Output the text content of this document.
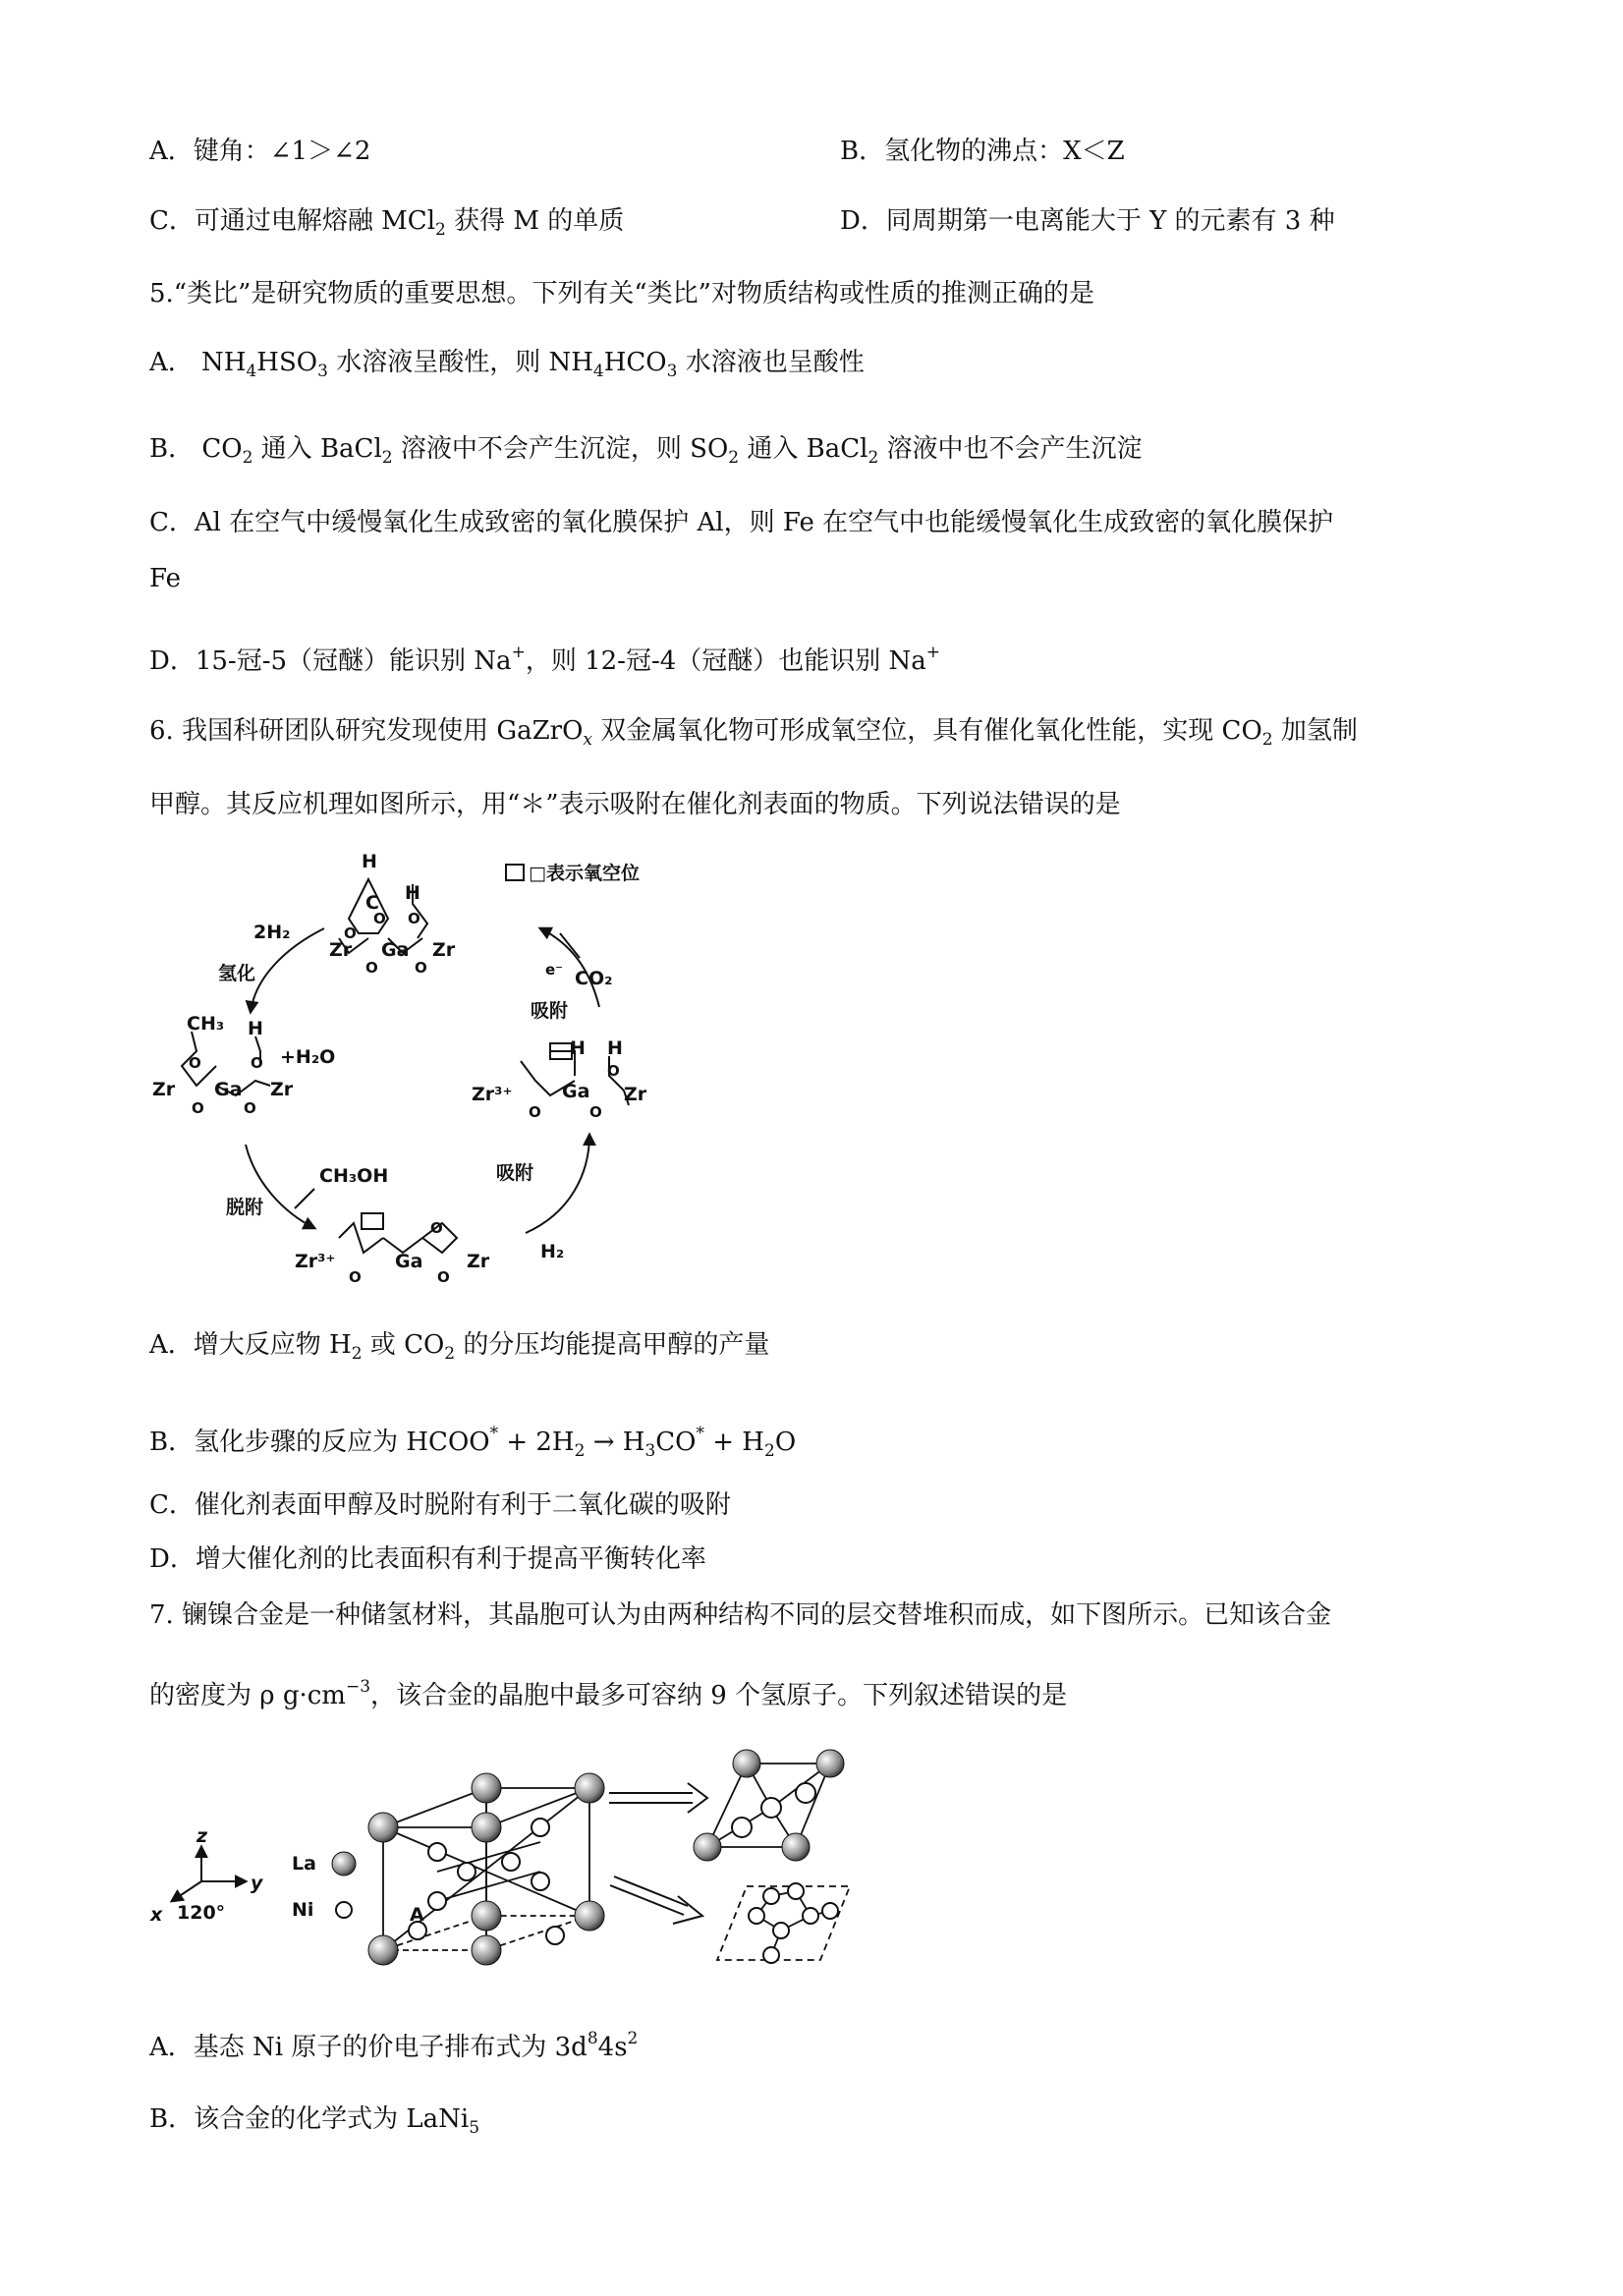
A．键角：∠1＞∠2	B．氢化物的沸点：X＜Z
C．可通过电解熔融 MCl$_2$ 获得 M 的单质	D．同周期第一电离能大于 Y 的元素有 3 种
5.“类比”是研究物质的重要思想。下列有关“类比”对物质结构或性质的推测正确的是
A． $NH_4HSO_3$ 水溶液呈酸性，则 $NH_4HCO_3$ 水溶液也呈酸性
B． $CO_2$ 通入 BaCl$_2$ 溶液中不会产生沉淀，则 $SO_2$ 通入 BaCl$_2$ 溶液中也不会产生沉淀
C．Al 在空气中缓慢氧化生成致密的氧化膜保护 Al，则 Fe 在空气中也能缓慢氧化生成致密的氧化膜保护
Fe
D．15-冠-5（冠醚）能识别 Na+，则 12-冠-4（冠醚）也能识别 Na+
6. 我国科研团队研究发现使用 GaZrO$_x$ 双金属氧化物可形成氧空位，具有催化氧化性能，实现 $CO_2$ 加氢制
甲醇。其反应机理如图所示，用“＊”表示吸附在催化剂表面的物质。下列说法错误的是
□表示氧空位
H
C
O
H
O
O
Zr Ga Zr
O O
2H₂
氢化	e⁻ CO₂
吸附
CH₃ H
O +H₂O
O
Zr Ga Zr
O	O
H H
O
Zr³⁺	Ga Zr
O	O
CH₃OH
脱附
吸附
H₂
Zr³⁺	Ga Zr
O
O	O
A．增大反应物 $H_2$ 或 $CO_2$ 的分压均能提高甲醇的产量
B．氢化步骤的反应为 HCOO* + $2H_2 \to H_3CO^* + H_2O$
C．催化剂表面甲醇及时脱附有利于二氧化碳的吸附
D．增大催化剂的比表面积有利于提高平衡转化率
7. 镧镍合金是一种储氢材料，其晶胞可认为由两种结构不同的层交替堆积而成，如下图所示。已知该合金
的密度为 ρ $g\cdot cm^{-3}$，该合金的晶胞中最多可容纳 9 个氢原子。下列叙述错误的是
z
y
x 120°
La
Ni	A
A．基态 Ni 原子的价电子排布式为 $3d^84s^2$
B．该合金的化学式为 LaNi$_5$
